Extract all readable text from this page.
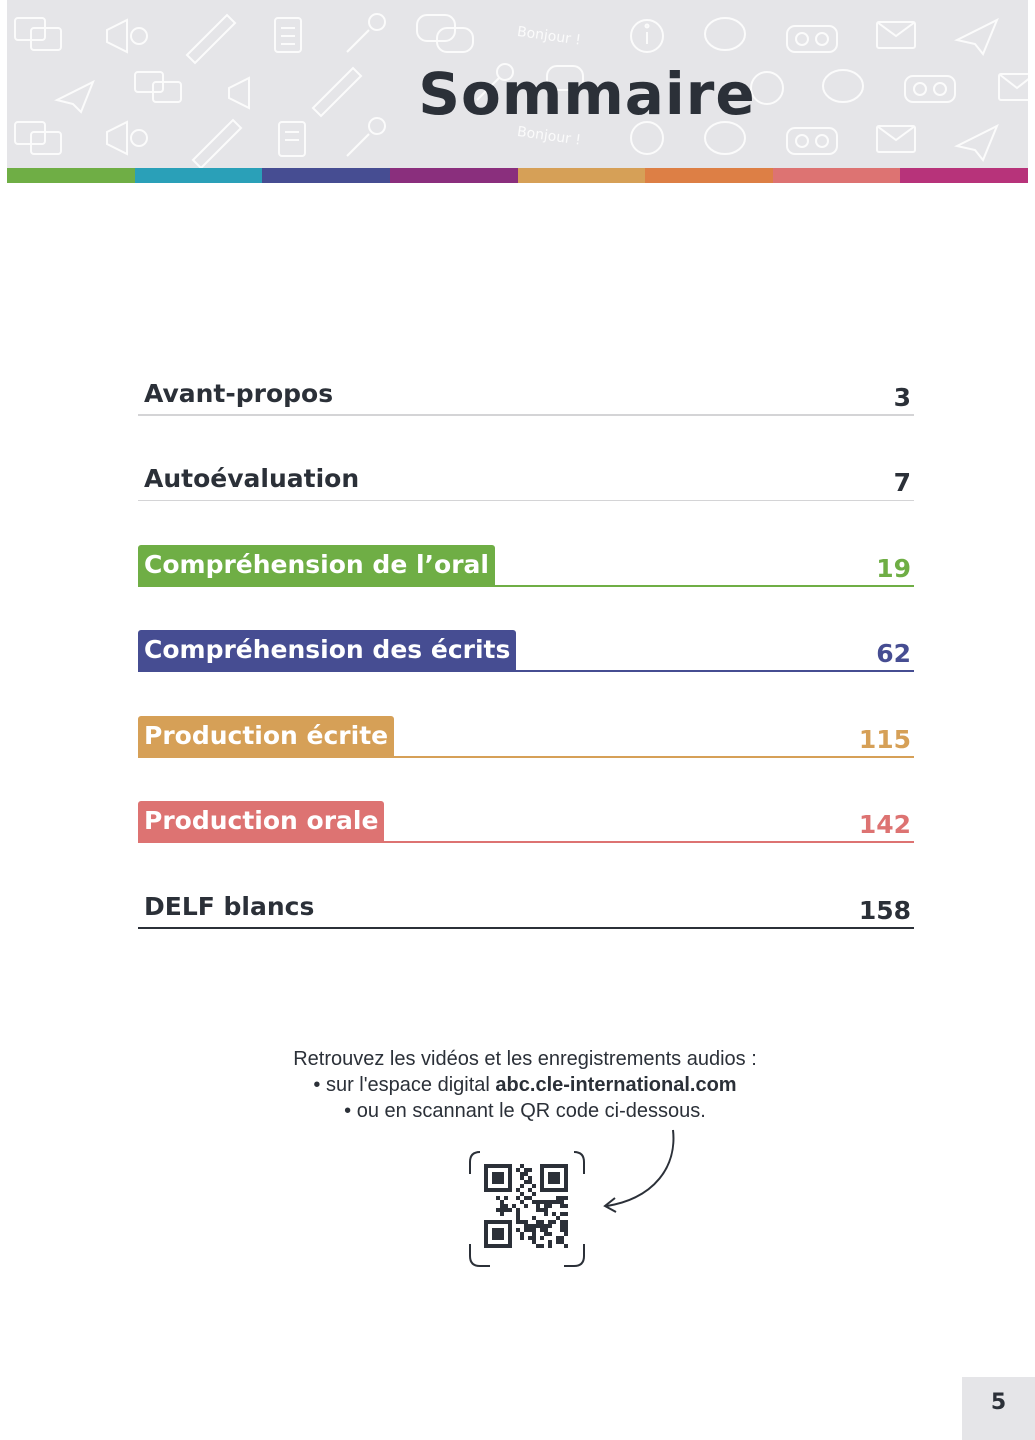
Bonjour !
Bonjour !
Sommaire
Avant-propos	3
Autoévaluation	7
Compréhension de l’oral	19
Compréhension des écrits	62
Production écrite	115
Production orale	142
DELF blancs	158
Retrouvez les vidéos et les enregistrements audios :
• sur l'espace digital abc.cle-international.com
• ou en scannant le QR code ci-dessous.
5
